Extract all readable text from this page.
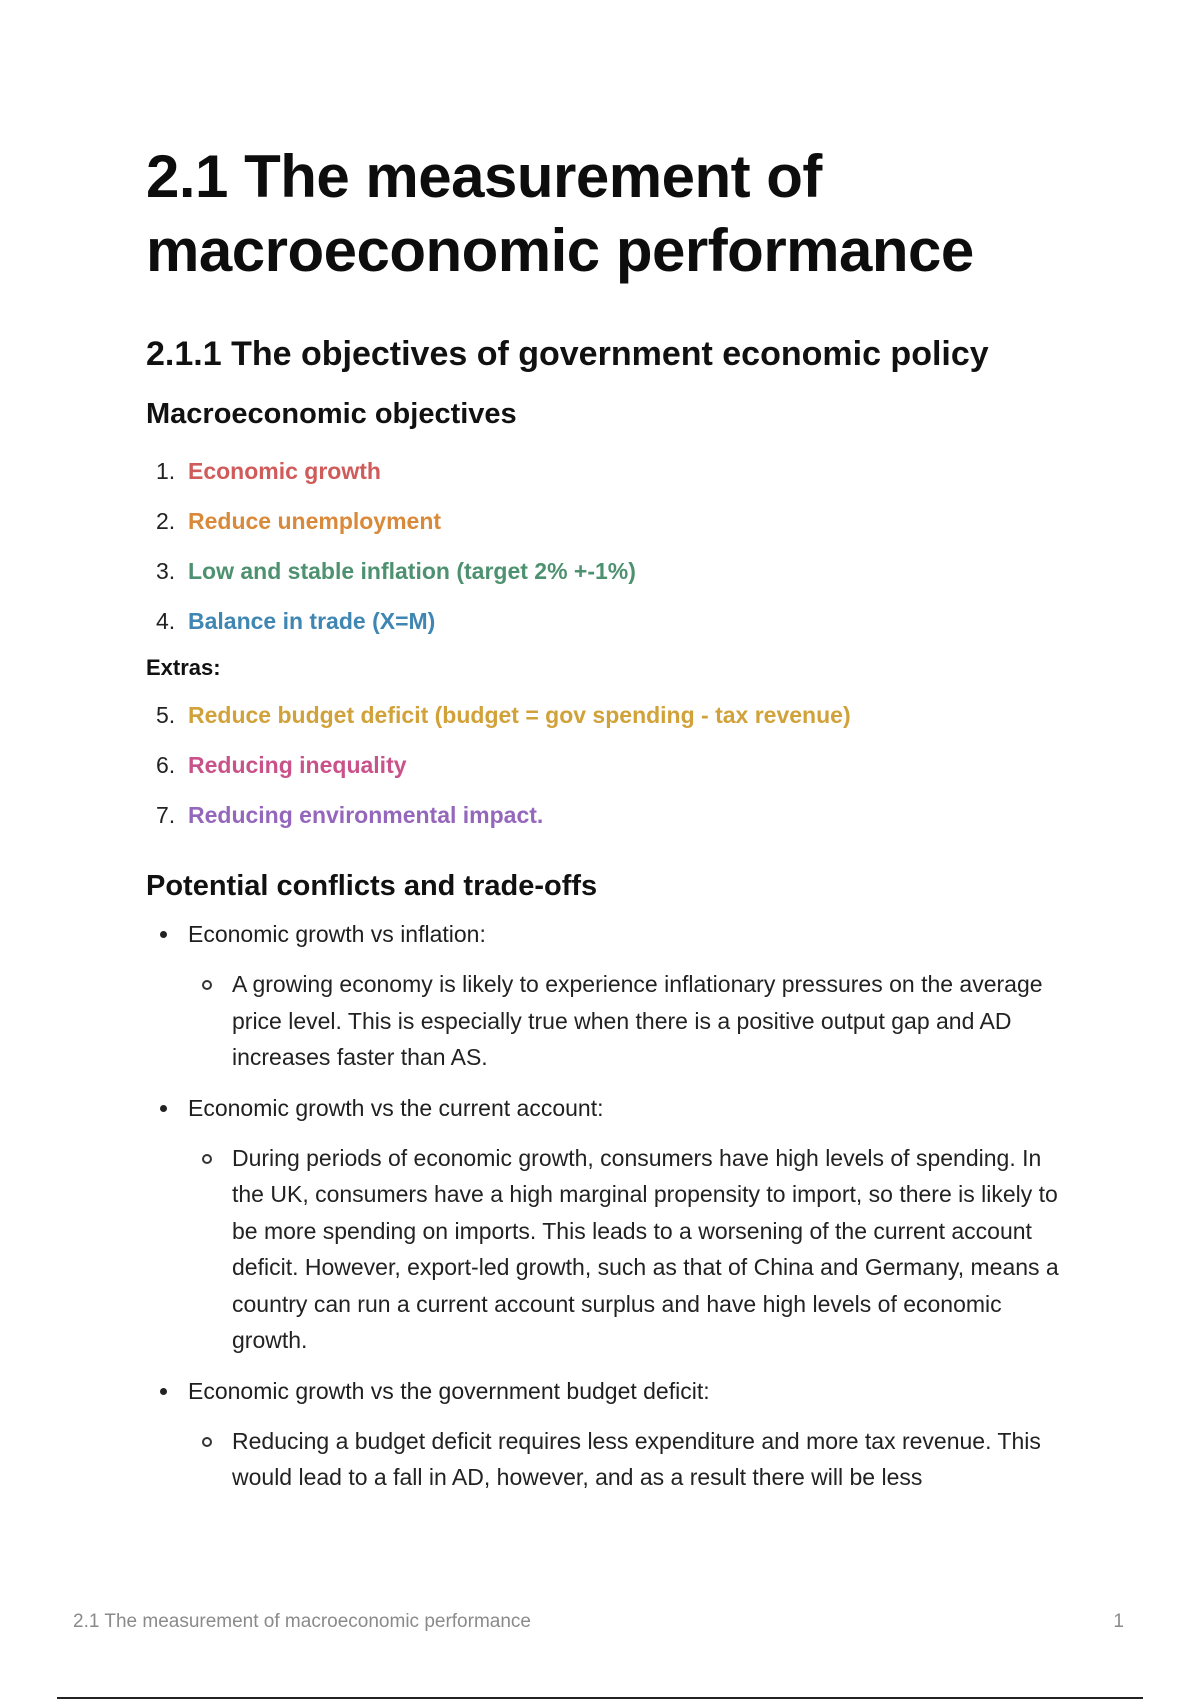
2.1 The measurement of macroeconomic performance
2.1.1 The objectives of government economic policy
Macroeconomic objectives
1. Economic growth
2. Reduce unemployment
3. Low and stable inflation (target 2% +-1%)
4. Balance in trade (X=M)

Extras:

5. Reduce budget deficit (budget = gov spending - tax revenue)
6. Reducing inequality
7. Reducing environmental impact.
Potential conflicts and trade-offs
Economic growth vs inflation:
A growing economy is likely to experience inflationary pressures on the average price level. This is especially true when there is a positive output gap and AD increases faster than AS.
Economic growth vs the current account:
During periods of economic growth, consumers have high levels of spending. In the UK, consumers have a high marginal propensity to import, so there is likely to be more spending on imports. This leads to a worsening of the current account deficit. However, export-led growth, such as that of China and Germany, means a country can run a current account surplus and have high levels of economic growth.
Economic growth vs the government budget deficit:
Reducing a budget deficit requires less expenditure and more tax revenue. This would lead to a fall in AD, however, and as a result there will be less
2.1 The measurement of macroeconomic performance	1
